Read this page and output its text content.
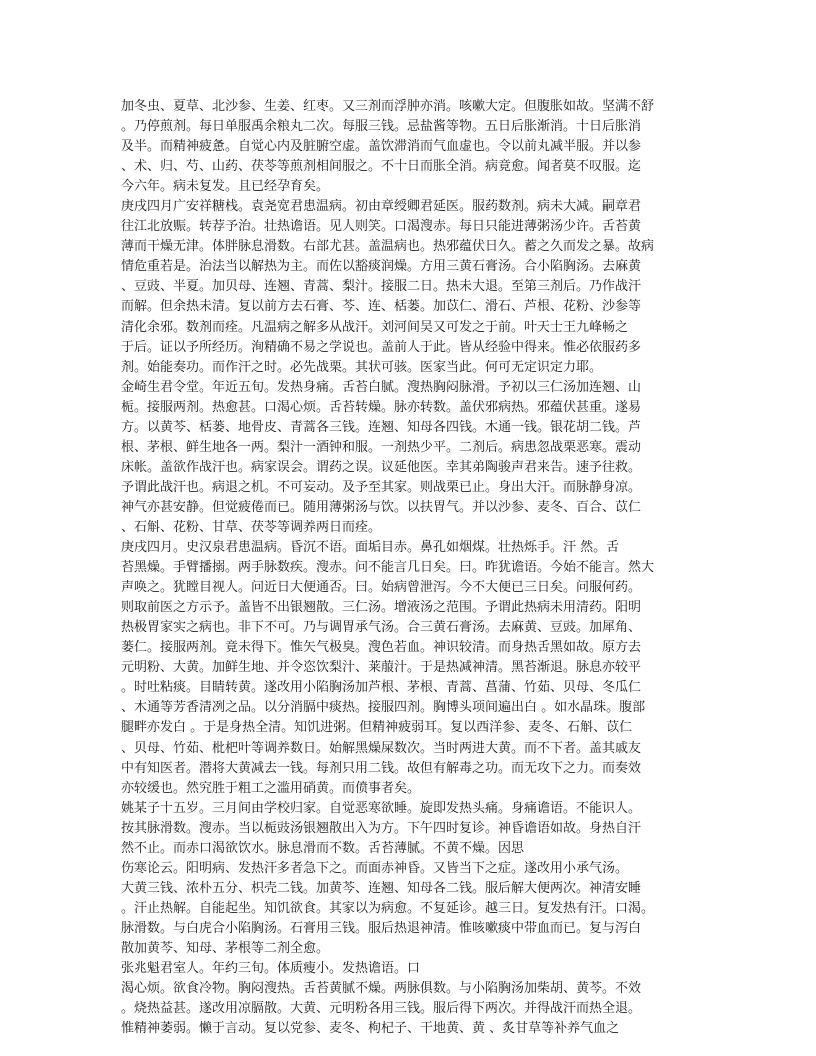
加冬虫、夏草、北沙参、生姜、红枣。又三剂而浮肿亦消。咳嗽大定。但腹胀如故。坚满不舒
。乃停煎剂。每日单服禹余粮丸二次。每服三钱。忌盐酱等物。五日后胀渐消。十日后胀消
及半。而精神疲惫。自觉心内及脏腑空虚。盖饮滞消而气血虚也。令以前丸减半服。并以参
、术、归、芍、山药、茯苓等煎剂相间服之。不十日而胀全消。病竟愈。闻者莫不叹服。迄
今六年。病未复发。且已经孕育矣。
庚戌四月广安祥糖栈。袁尧宽君患温病。初由章绶卿君延医。服药数剂。病未大减。嗣章君
往江北放赈。转荐予治。壮热谵语。见人则笑。口渴溲赤。每日只能进薄粥汤少许。舌苔黄
薄而干燥无津。体胖脉息滑数。右部尤甚。盖温病也。热邪蕴伏日久。蓄之久而发之暴。故病
情危重若是。治法当以解热为主。而佐以豁痰润燥。方用三黄石膏汤。合小陷胸汤。去麻黄
、豆豉、半夏。加贝母、连翘、青蒿、梨汁。接服二日。热未大退。至第三剂后。乃作战汗
而解。但余热未清。复以前方去石膏、芩、连、栝蒌。加苡仁、滑石、芦根、花粉、沙参等
清化余邪。数剂而痊。凡温病之解多从战汗。刘河间吴又可发之于前。叶天士王九峰畅之
于后。证以予所经历。洵精确不易之学说也。盖前人于此。皆从经验中得来。惟必依服药多
剂。始能奏功。而作汗之时。必先战栗。其状可骇。医家当此。何可无定识定力耶。
金崎生君令堂。年近五旬。发热身痛。舌苔白腻。溲热胸闷脉滑。予初以三仁汤加连翘、山
栀。接服两剂。热愈甚。口渴心烦。舌苔转燥。脉亦转数。盖伏邪病热。邪蕴伏甚重。遂易
方。以黄芩、栝蒌、地骨皮、青蒿各三钱。连翘、知母各四钱。木通一钱。银花胡二钱。芦
根、茅根、鲜生地各一两。梨汁一酒钟和服。一剂热少平。二剂后。病患忽战栗恶寒。震动
床帐。盖欲作战汗也。病家误会。谓药之误。议延他医。幸其弟陶骏声君来告。速予往救。
予谓此战汗也。病退之机。不可妄动。及予至其家。则战栗已止。身出大汗。而脉静身凉。
神气亦甚安静。但觉疲倦而已。随用薄粥汤与饮。以扶胃气。并以沙参、麦冬、百合、苡仁
、石斛、花粉、甘草、茯苓等调养两日而痊。
庚戌四月。史汉泉君患温病。昏沉不语。面垢目赤。鼻孔如烟煤。壮热烁手。汗 然。舌
苔黑燥。手臂播搦。两手脉数疾。溲赤。问不能言几日矣。曰。昨犹谵语。今始不能言。然大
声唤之。犹瞠目视人。问近日大便通否。曰。始病曾泄泻。今不大便已三日矣。问服何药。
则取前医之方示予。盖皆不出银翘散。三仁汤。增液汤之范围。予谓此热病未用清药。阳明
热极胃家实之病也。非下不可。乃与调胃承气汤。合三黄石膏汤。去麻黄、豆豉。加犀角、
蒌仁。接服两剂。竟未得下。惟矢气极臭。溲色若血。神识较清。而身热舌黑如故。原方去
元明粉、大黄。加鲜生地、并令恣饮梨汁、莱菔汁。于是热减神清。黑苔渐退。脉息亦较平
。时吐粘痰。目睛转黄。遂改用小陷胸汤加芦根、茅根、青蒿、菖蒲、竹茹、贝母、冬瓜仁
、木通等芳香清冽之品。以分消膈中痰热。接服四剂。胸博头项间遍出白 。如水晶珠。腹部
腿畔亦发白 。于是身热全清。知饥进粥。但精神疲弱耳。复以西洋参、麦冬、石斛、苡仁
、贝母、竹茹、枇杷叶等调养数日。始解黑燥屎数次。当时两进大黄。而不下者。盖其戚友
中有知医者。潜将大黄减去一钱。每剂只用二钱。故但有解毒之功。而无攻下之力。而奏效
亦较缓也。然究胜于粗工之滥用硝黄。而偾事者矣。
姚某子十五岁。三月间由学校归家。自觉恶寒欲睡。旋即发热头痛。身痛谵语。不能识人。
按其脉滑数。溲赤。当以栀豉汤银翘散出入为方。下午四时复诊。神昏谵语如故。身热自汗
然不止。而赤口渴欲饮水。脉息滑而不数。舌苔薄腻。不黄不燥。因思
伤寒论云。阳明病、发热汗多者急下之。而面赤神昏。又皆当下之症。遂改用小承气汤。
大黄三钱、浓朴五分、枳壳二钱。加黄芩、连翘、知母各二钱。服后解大便两次。神清安睡
。汗止热解。自能起坐。知饥欲食。其家以为病愈。不复延诊。越三日。复发热有汗。口渴。
脉滑数。与白虎合小陷胸汤。石膏用三钱。服后热退神清。惟咳嗽痰中带血而已。复与泻白
散加黄芩、知母、茅根等二剂全愈。
张兆魁君室人。年约三旬。体质瘦小。发热谵语。口
渴心烦。欲食冷物。胸闷溲热。舌苔黄腻不燥。两脉俱数。与小陷胸汤加柴胡、黄芩。不效
。烧热益甚。遂改用凉膈散。大黄、元明粉各用三钱。服后得下两次。并得战汗而热全退。
惟精神萎弱。懒于言动。复以党参、麦冬、枸杞子、干地黄、黄 、炙甘草等补养气血之
